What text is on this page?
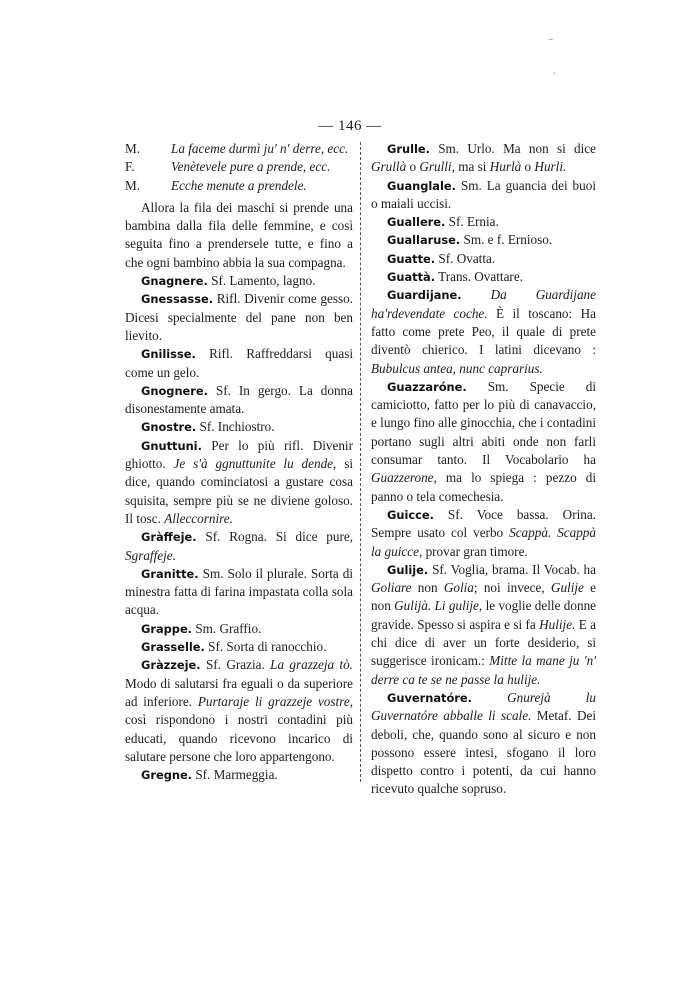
-
·
— 146 —
M.	La faceme durmì ju' n' derre, ecc.
F.	Venètevele pure a prende, ecc.
M.	Ecche menute a prendele.
Allora la fila dei maschi si prende una bambina dalla fila delle femmine, e così seguita fino a prendersele tutte, e fino a che ogni bambino abbia la sua compagna.

Gnagnere. Sf. Lamento, lagno.

Gnessasse. Rifl. Divenir come gesso. Dicesi specialmente del pane non ben lievito.

Gnilisse. Rifl. Raffreddarsi quasi come un gelo.

Gnognere. Sf. In gergo. La donna disonestamente amata.

Gnostre. Sf. Inchiostro.

Gnuttuni. Per lo più rifl. Divenir ghiotto. Je s'à ggnuttunite lu dende, si dice, quando cominciatosi a gustare cosa squisita, sempre più se ne diviene goloso. Il tosc. Alleccornire.

Gràffeje. Sf. Rogna. Si dice pure, Sgraffeje.

Granitte. Sm. Solo il plurale. Sorta di minestra fatta di farina impastata colla sola acqua.

Grappe. Sm. Graffio.

Grasselle. Sf. Sorta di ranocchio.

Gràzzeje. Sf. Grazia. La grazzeja tò. Modo di salutarsi fra eguali o da superiore ad inferiore. Purtaraje li grazzeje vostre, così rispondono i nostri contadini più educati, quando ricevono incarico di salutare persone che loro appartengono.

Gregne. Sf. Marmeggia.

Grulle. Sm. Urlo. Ma non si dice Grullà o Grulli, ma si Hurlà o Hurli.

Guanglale. Sm. La guancia dei buoi o maiali uccisi.

Guallere. Sf. Ernia.

Guallaruse. Sm. e f. Ernioso.

Guatte. Sf. Ovatta.

Guattà. Trans. Ovattare.

Guardijane. Da Guardijane ha'rdevendate coche. È il toscano: Ha fatto come prete Peo, il quale di prete diventò chierico. I latini dicevano : Bubulcus antea, nunc caprarius.

Guazzaróne. Sm. Specie di camiciotto, fatto per lo più di canavaccio, e lungo fino alle ginocchia, che i contadini portano sugli altri abiti onde non farli consumar tanto. Il Vocabolario ha Guazzerone, ma lo spiega : pezzo di panno o tela comechesia.

Guicce. Sf. Voce bassa. Orina. Sempre usato col verbo Scappà. Scappà la guicce, provar gran timore.

Gulije. Sf. Voglia, brama. Il Vocab. ha Goliare non Golia; noi invece, Gulije e non Gulijà. Li gulije, le voglie delle donne gravide. Spesso si aspira e si fa Hulije. E a chi dice di aver un forte desiderio, si suggerisce ironicam.: Mitte la mane ju 'n' derre ca te se ne passe la hulije.

Guvernatóre.	Gnurejà lu Guvernatóre abballe li scale. Metaf. Dei deboli, che, quando sono al sicuro e non possono essere intesi, sfogano il loro dispetto contro i potenti, da cui hanno ricevuto qualche sopruso.
